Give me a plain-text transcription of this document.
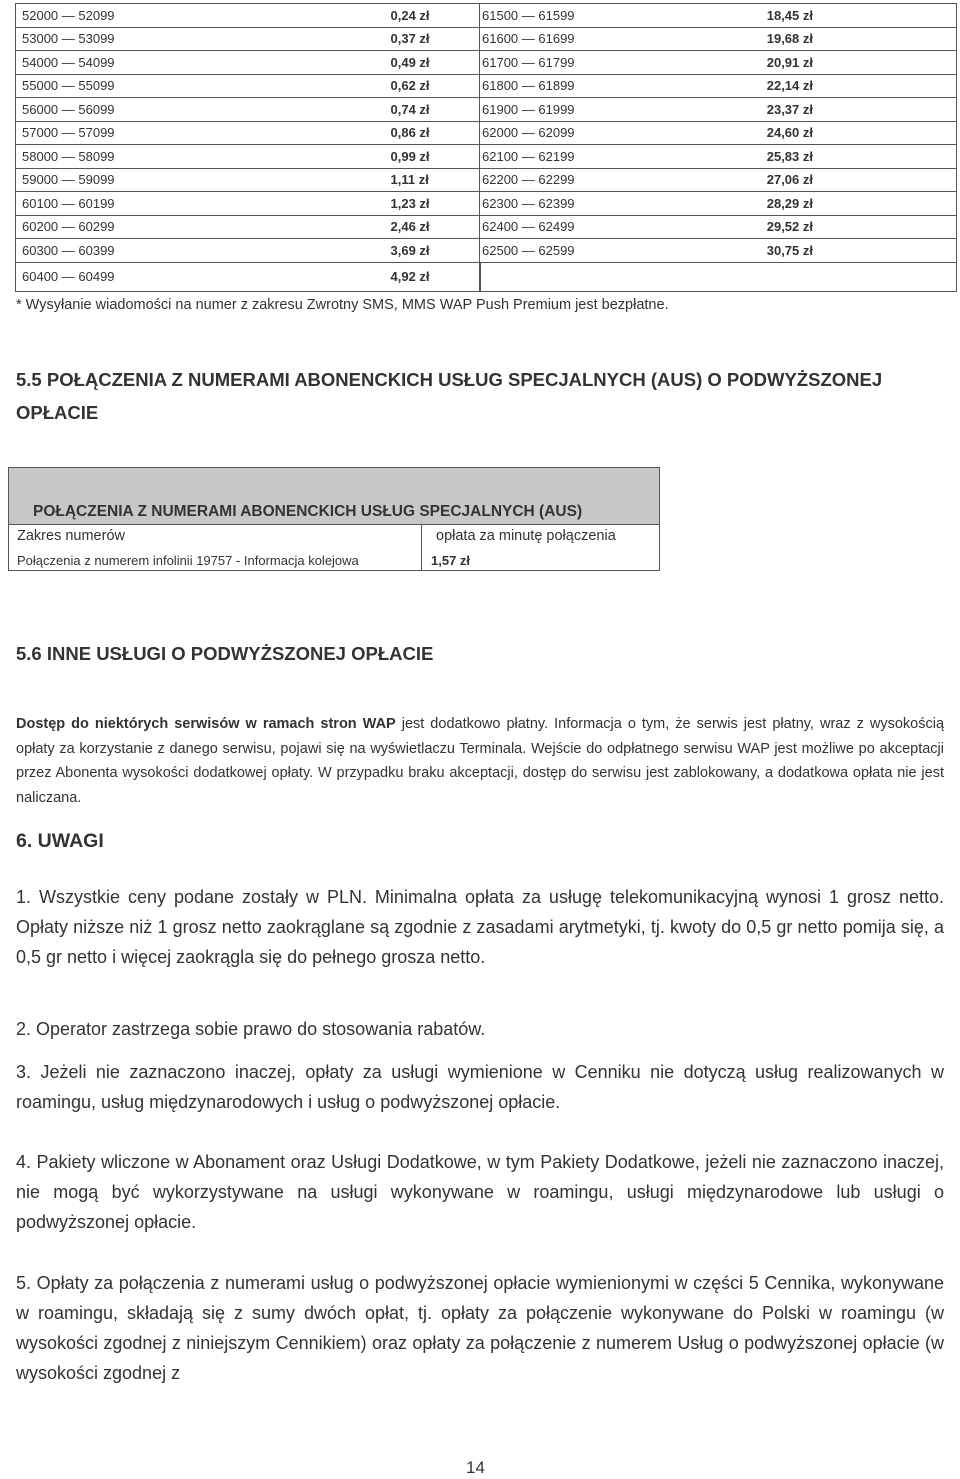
52000 — 52099	0,24 zł	61500 — 61599 18,45 zł

53000 — 53099	0,37 zł	61600 — 61699 19,68 zł

54000 — 54099	0,49 zł	61700 — 61799 20,91 zł

55000 — 55099	0,62 zł	61800 — 61899 22,14 zł

56000 — 56099	0,74 zł	61900 — 61999 23,37 zł

57000 — 57099	0,86 zł	62000 — 62099 24,60 zł

58000 — 58099	0,99 zł	62100 — 62199 25,83 zł

59000 — 59099	1,11 zł	62200 — 62299 27,06 zł

60100 — 60199	1,23 zł	62300 — 62399 28,29 zł

60200 — 60299	2,46 zł	62400 — 62499 29,52 zł

60300 — 60399	3,69 zł	62500 — 62599 30,75 zł

60400 — 60499	4,92 zł	
* Wysyłanie wiadomości na numer z zakresu Zwrotny SMS, MMS WAP Push Premium jest bezpłatne.
5.5 POŁĄCZENIA Z NUMERAMI ABONENCKICH USŁUG SPECJALNYCH (AUS) O PODWYŻSZONEJ OPŁACIE
POŁĄCZENIA Z NUMERAMI ABONENCKICH USŁUG SPECJALNYCH (AUS)
Zakres numerów	opłata za minutę połączenia
Połączenia z numerem infolinii 19757 - Informacja kolejowa	1,57 zł
5.6 INNE USŁUGI O PODWYŻSZONEJ OPŁACIE
Dostęp do niektórych serwisów w ramach stron WAP jest dodatkowo płatny. Informacja o tym, że serwis jest płatny, wraz z wysokością opłaty za korzystanie z danego serwisu, pojawi się na wyświetlaczu Terminala. Wejście do odpłatnego serwisu WAP jest możliwe po akceptacji przez Abonenta wysokości dodatkowej opłaty. W przypadku braku akceptacji, dostęp do serwisu jest zablokowany, a dodatkowa opłata nie jest naliczana.
6. UWAGI
1. Wszystkie ceny podane zostały w PLN. Minimalna opłata za usługę telekomunikacyjną wynosi 1 grosz netto. Opłaty niższe niż 1 grosz netto zaokrąglane są zgodnie z zasadami arytmetyki, tj. kwoty do 0,5 gr netto pomija się, a 0,5 gr netto i więcej zaokrągla się do pełnego grosza netto.
2. Operator zastrzega sobie prawo do stosowania rabatów.
3. Jeżeli nie zaznaczono inaczej, opłaty za usługi wymienione w Cenniku nie dotyczą usług realizowanych w roamingu, usług międzynarodowych i usług o podwyższonej opłacie.
4. Pakiety wliczone w Abonament oraz Usługi Dodatkowe, w tym Pakiety Dodatkowe, jeżeli nie zaznaczono inaczej, nie mogą być wykorzystywane na usługi wykonywane w roamingu, usługi międzynarodowe lub usługi o podwyższonej opłacie.
5. Opłaty za połączenia z numerami usług o podwyższonej opłacie wymienionymi w części 5 Cennika, wykonywane w roamingu, składają się z sumy dwóch opłat, tj. opłaty za połączenie wykonywane do Polski w roamingu (w wysokości zgodnej z niniejszym Cennikiem) oraz opłaty za połączenie z numerem Usług o podwyższonej opłacie (w wysokości zgodnej z
14
